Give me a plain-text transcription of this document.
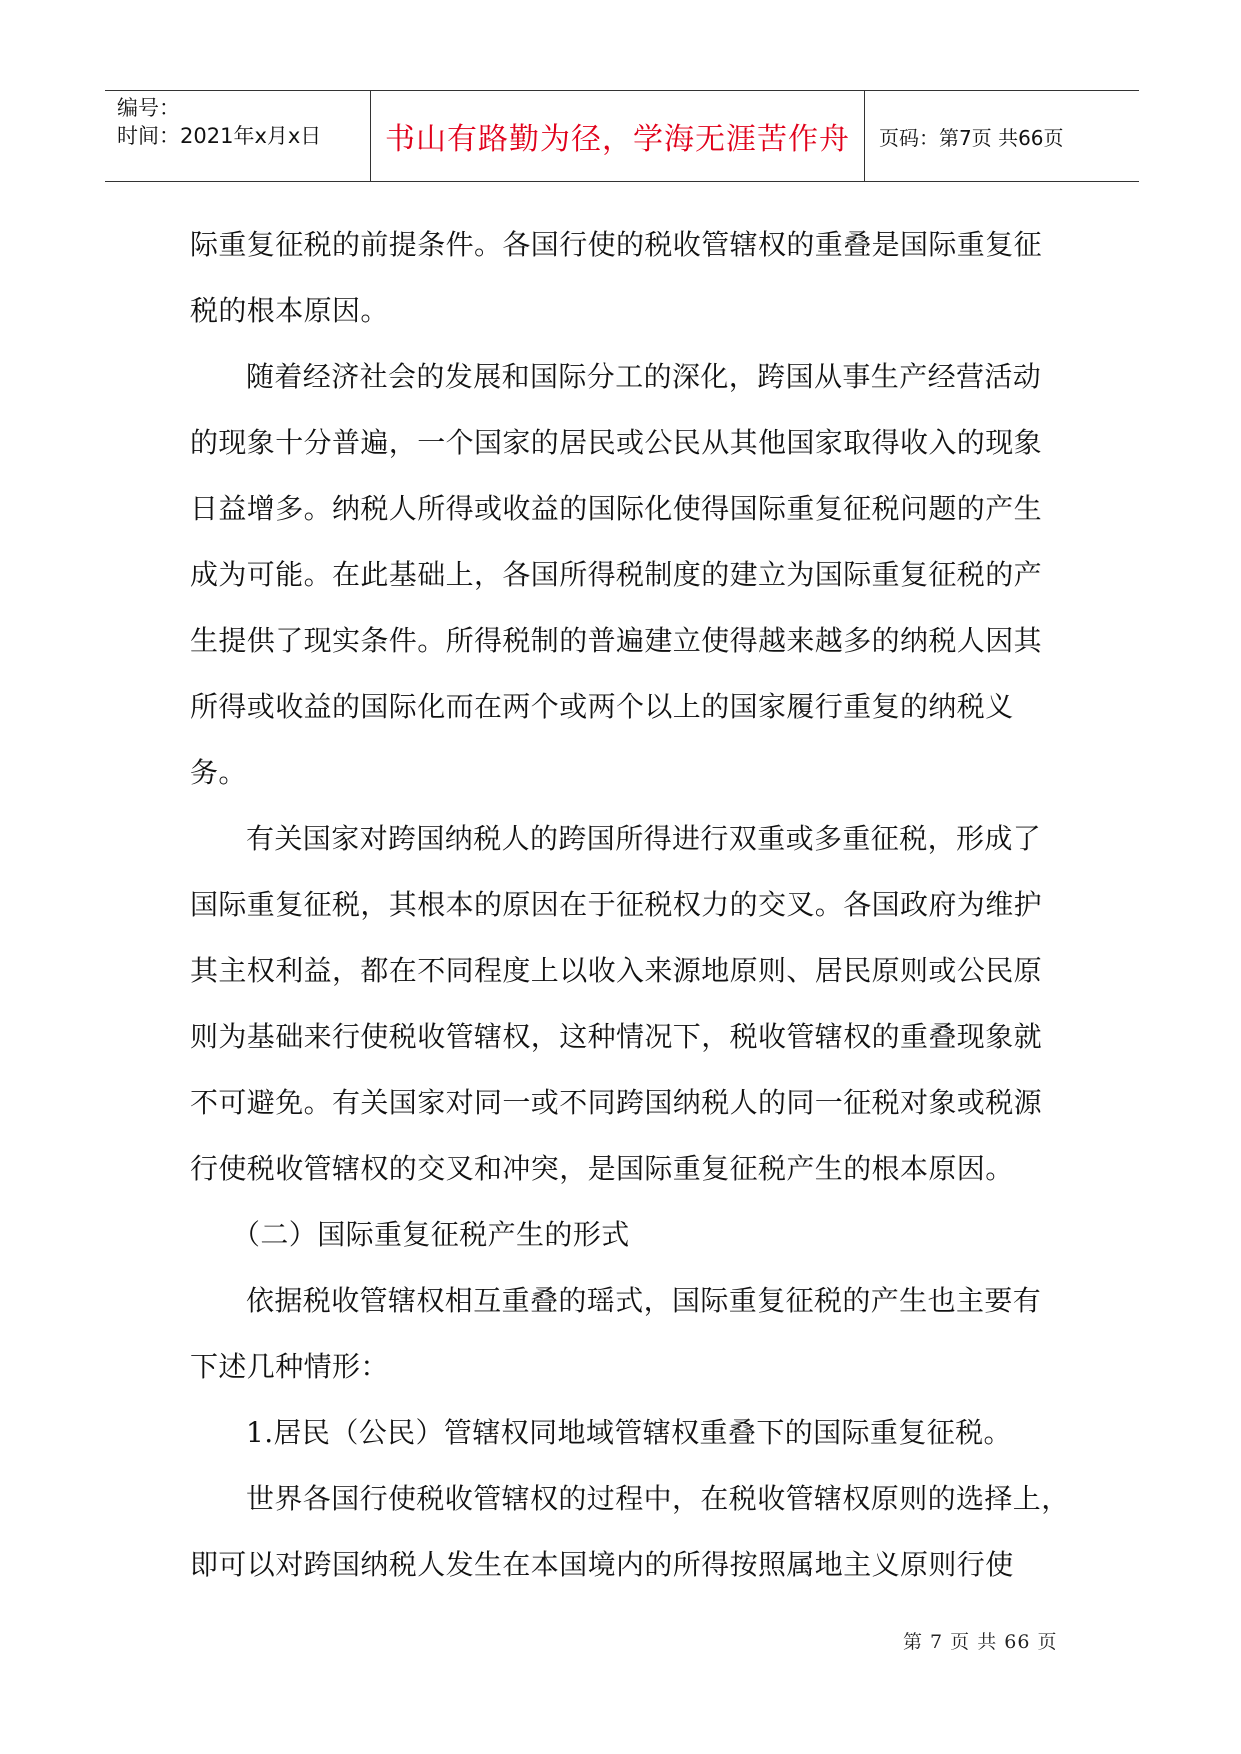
编号：
时间：2021年x月x日 书山有路勤为径，学海无涯苦作舟 页码：第7页 共66页

际重复征税的前提条件。各国行使的税收管辖权的重叠是国际重复征
税的根本原因。

随着经济社会的发展和国际分工的深化，跨国从事生产经营活动
的现象十分普遍，一个国家的居民或公民从其他国家取得收入的现象
日益增多。纳税人所得或收益的国际化使得国际重复征税问题的产生
成为可能。在此基础上，各国所得税制度的建立为国际重复征税的产
生提供了现实条件。所得税制的普遍建立使得越来越多的纳税人因其
所得或收益的国际化而在两个或两个以上的国家履行重复的纳税义
务。

有关国家对跨国纳税人的跨国所得进行双重或多重征税，形成了
国际重复征税，其根本的原因在于征税权力的交叉。各国政府为维护
其主权利益，都在不同程度上以收入来源地原则、居民原则或公民原
则为基础来行使税收管辖权，这种情况下，税收管辖权的重叠现象就
不可避免。有关国家对同一或不同跨国纳税人的同一征税对象或税源
行使税收管辖权的交叉和冲突，是国际重复征税产生的根本原因。

（二）国际重复征税产生的形式

依据税收管辖权相互重叠的瑶式，国际重复征税的产生也主要有
下述几种情形：

1.居民（公民）管辖权同地域管辖权重叠下的国际重复征税。

世界各国行使税收管辖权的过程中，在税收管辖权原则的选择上，
即可以对跨国纳税人发生在本国境内的所得按照属地主义原则行使

第 7 页 共 66 页
